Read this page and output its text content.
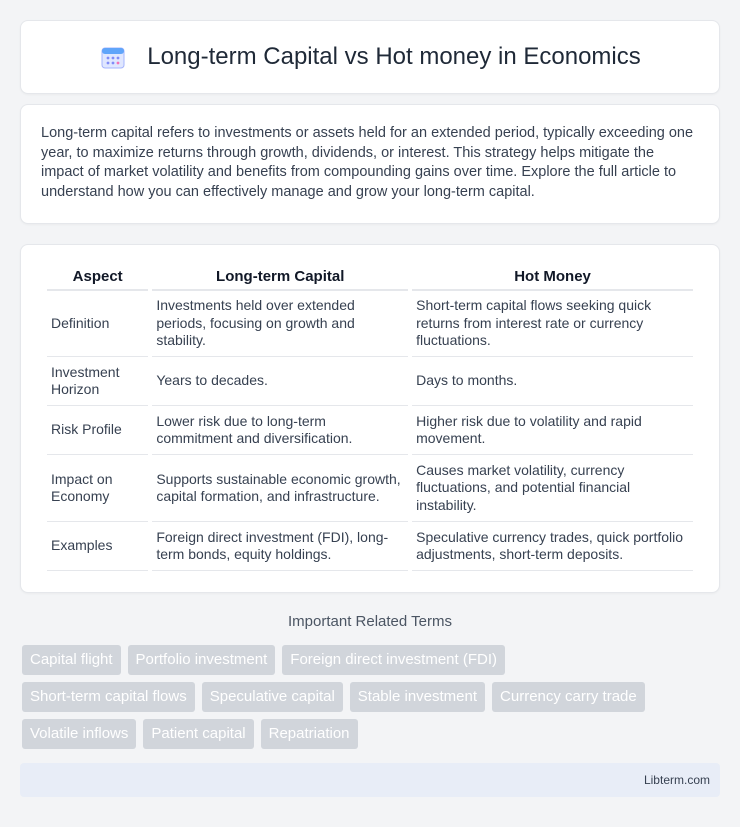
Long-term Capital vs Hot money in Economics

Long-term capital refers to investments or assets held for an extended period, typically exceeding one year, to maximize returns through growth, dividends, or interest. This strategy helps mitigate the impact of market volatility and benefits from compounding gains over time. Explore the full article to understand how you can effectively manage and grow your long-term capital.

Aspect	Long-term Capital	Hot Money
Definition	Investments held over extended periods, focusing on growth and stability.	Short-term capital flows seeking quick returns from interest rate or currency fluctuations.
Investment Horizon	Years to decades.	Days to months.
Risk Profile	Lower risk due to long-term commitment and diversification.	Higher risk due to volatility and rapid movement.
Impact on Economy	Supports sustainable economic growth, capital formation, and infrastructure.	Causes market volatility, currency fluctuations, and potential financial instability.
Examples	Foreign direct investment (FDI), long-term bonds, equity holdings.	Speculative currency trades, quick portfolio adjustments, short-term deposits.
Important Related Terms
Capital flight	Portfolio investment	Foreign direct investment (FDI)
Short-term capital flows	Speculative capital	Stable investment	Currency carry trade
Volatile inflows	Patient capital	Repatriation
Libterm.com
